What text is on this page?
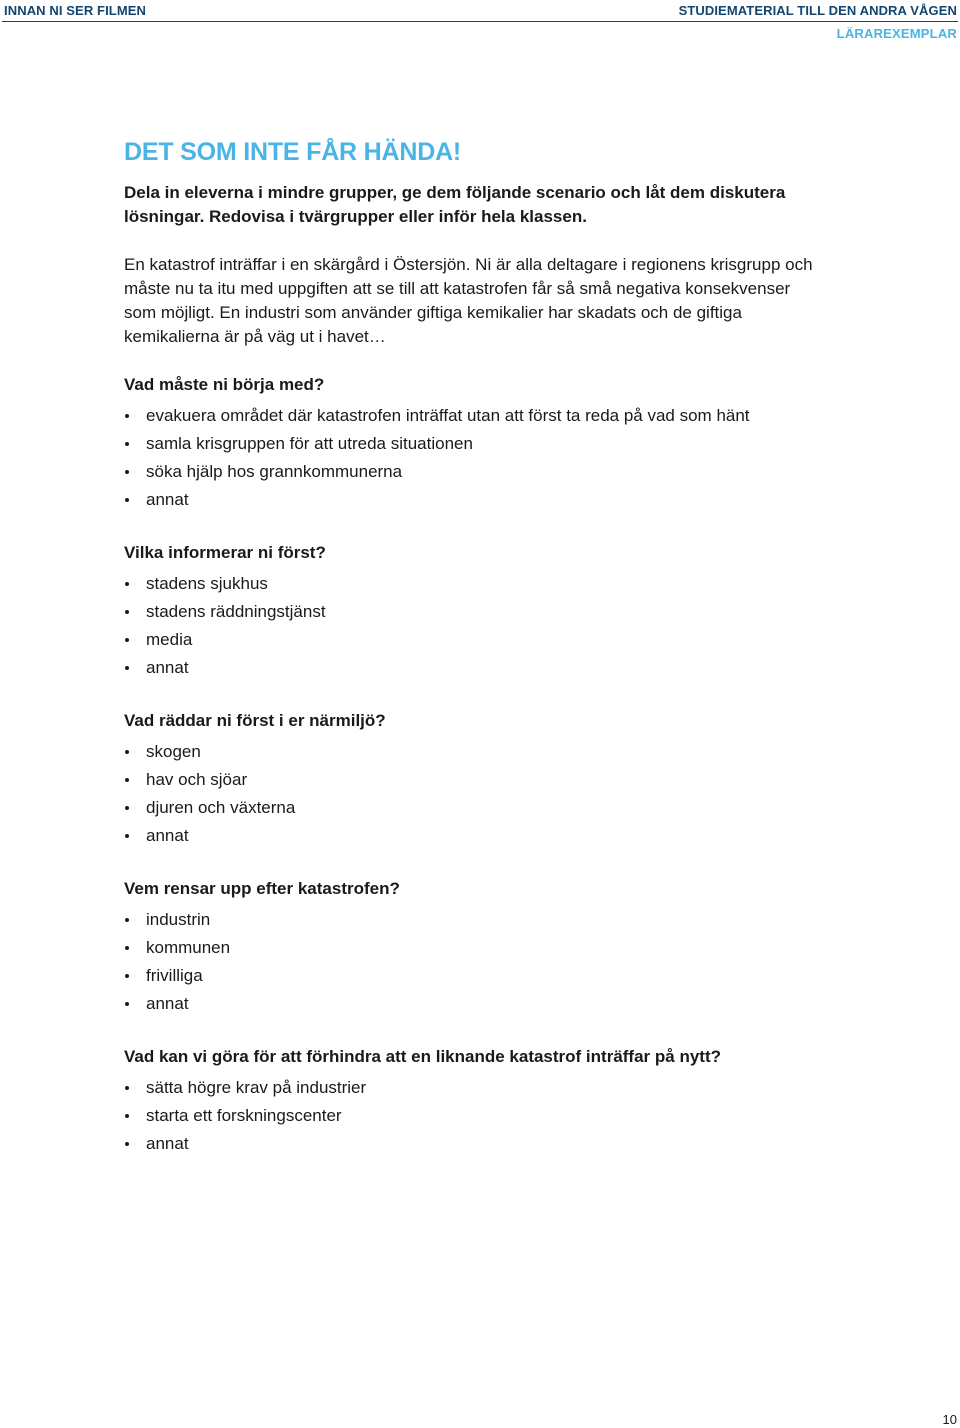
INNAN NI SER FILMEN	STUDIEMATERIAL TILL DEN ANDRA VÅGEN
LÄRAREXEMPLAR
DET SOM INTE FÅR HÄNDA!

Dela in eleverna i mindre grupper, ge dem följande scenario och låt dem diskutera lösningar. Redovisa i tvärgrupper eller inför hela klassen.

En katastrof inträffar i en skärgård i Östersjön. Ni är alla deltagare i regionens krisgrupp och måste nu ta itu med uppgiften att se till att katastrofen får så små negativa konsekvenser som möjligt. En industri som använder giftiga kemikalier har skadats och de giftiga kemikalierna är på väg ut i havet…

Vad måste ni börja med?

evakuera området där katastrofen inträffat utan att först ta reda på vad som hänt
samla krisgruppen för att utreda situationen
söka hjälp hos grannkommunerna
annat

Vilka informerar ni först?

stadens sjukhus
stadens räddningstjänst
media
annat

Vad räddar ni först i er närmiljö?

skogen
hav och sjöar
djuren och växterna
annat

Vem rensar upp efter katastrofen?

industrin
kommunen
frivilliga
annat

Vad kan vi göra för att förhindra att en liknande katastrof inträffar på nytt?

sätta högre krav på industrier
starta ett forskningscenter
annat
10
